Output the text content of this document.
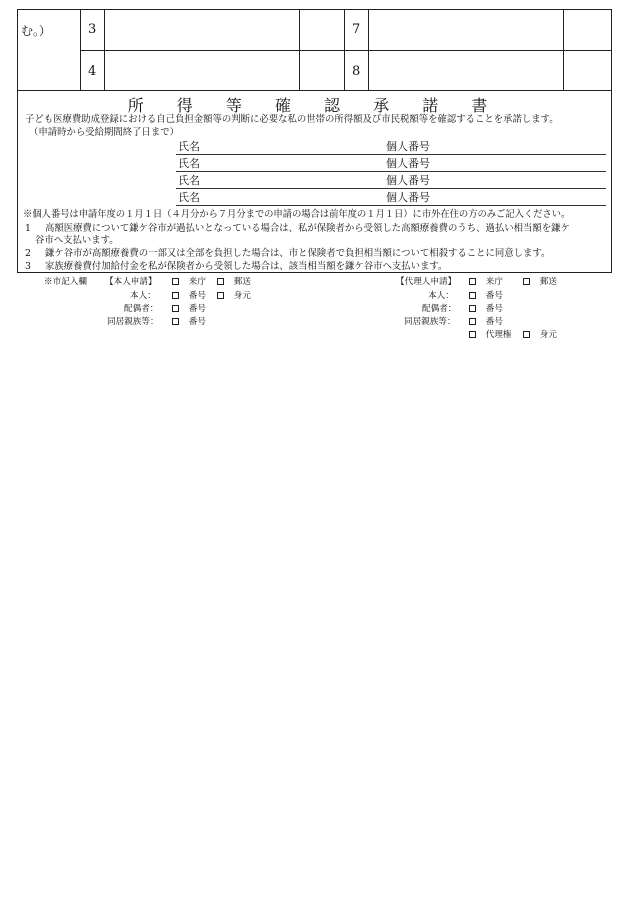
む。）	3	7
4	8
所 得 等 確 認 承 諾 書
子ども医療費助成登録における自己負担金額等の判断に必要な私の世帯の所得額及び市民税額等を確認することを承諾します。
（申請時から受給期間終了日まで）
氏名	個人番号
氏名	個人番号
氏名	個人番号
氏名	個人番号
※個人番号は申請年度の１月１日（４月分から７月分までの申請の場合は前年度の１月１日）に市外在住の方のみご記入ください。
1 高額医療費について鎌ケ谷市が過払いとなっている場合は、私が保険者から受領した高額療養費のうち、過払い相当額を鎌ケ
谷市へ支払います。
2 鎌ケ谷市が高額療養費の一部又は全部を負担した場合は、市と保険者で負担相当額について相殺することに同意します。
3 家族療養費付加給付金を私が保険者から受領した場合は、該当相当額を鎌ケ谷市へ支払います。
※市記入欄 【本人申請】	来庁	郵送
本人：	番号	身元
配偶者：	番号
同居親族等：	番号
【代理人申請】	来庁	郵送
本人：	番号
配偶者：	番号
同居親族等：	番号
代理権	身元
